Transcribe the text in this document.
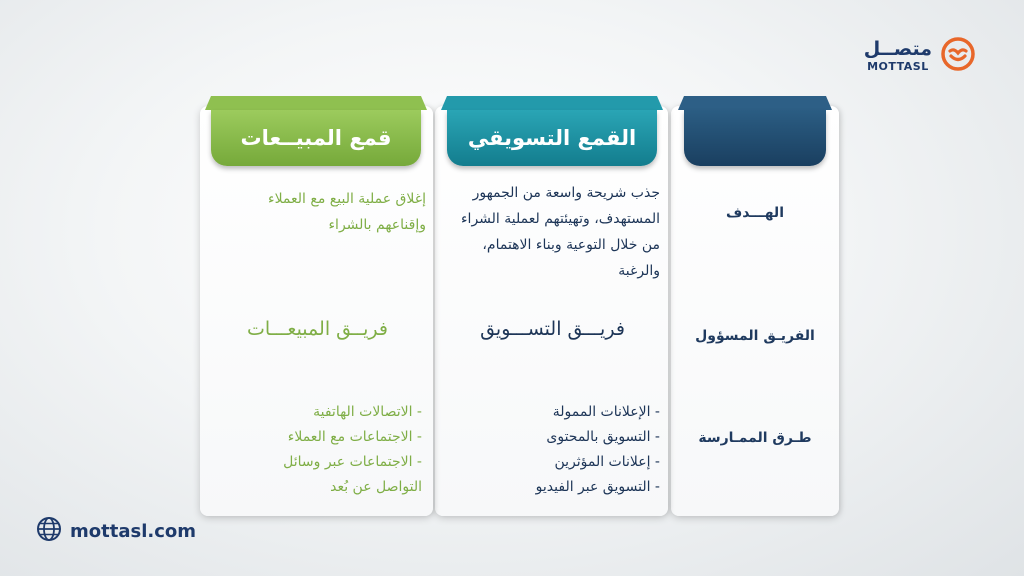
متصــل
MOTTASL
القمع التسويقي
قمع المبيــعات
الهـــدف
الفريـق المسؤول
طـرق الممـارسة
جذب شريحة واسعة من الجمهور المستهدف، وتهيئتهم لعملية الشراء من خلال التوعية وبناء الاهتمام، والرغبة
فريـــق التســـويق
- الإعلانات الممولة
- التسويق بالمحتوى
- إعلانات المؤثرين
- التسويق عبر الفيديو
إغلاق عملية البيع مع العملاء وإقناعهم بالشراء
فريــق المبيعـــات
- الاتصالات الهاتفية
- الاجتماعات مع العملاء
- الاجتماعات عبر وسائل التواصل عن بُعد
mottasl.com
